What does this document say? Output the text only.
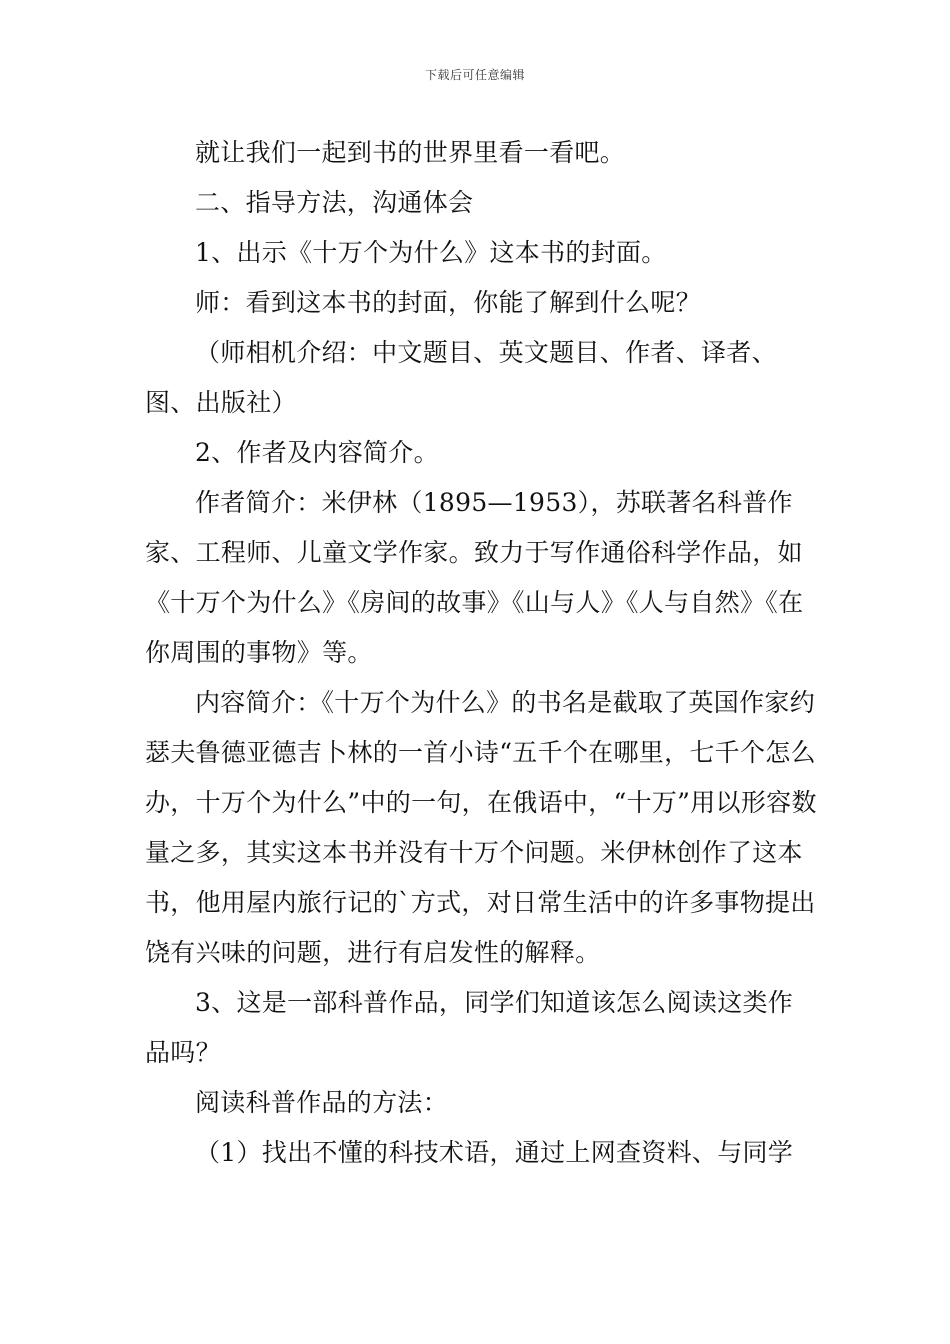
下载后可任意编辑

就让我们一起到书的世界里看一看吧。

二、指导方法，沟通体会

1、出示《十万个为什么》这本书的封面。

师：看到这本书的封面，你能了解到什么呢？

（师相机介绍：中文题目、英文题目、作者、译者、图、出版社）

2、作者及内容简介。

作者简介：米伊林（1895—1953），苏联著名科普作家、工程师、儿童文学作家。致力于写作通俗科学作品，如《十万个为什么》《房间的故事》《山与人》《人与自然》《在你周围的事物》等。

内容简介：《十万个为什么》的书名是截取了英国作家约瑟夫鲁德亚德吉卜林的一首小诗“五千个在哪里，七千个怎么办，十万个为什么”中的一句，在俄语中，“十万”用以形容数量之多，其实这本书并没有十万个问题。米伊林创作了这本书，他用屋内旅行记的`方式，对日常生活中的许多事物提出饶有兴味的问题，进行有启发性的解释。

3、这是一部科普作品，同学们知道该怎么阅读这类作品吗？

阅读科普作品的方法：

（1）找出不懂的科技术语，通过上网查资料、与同学
